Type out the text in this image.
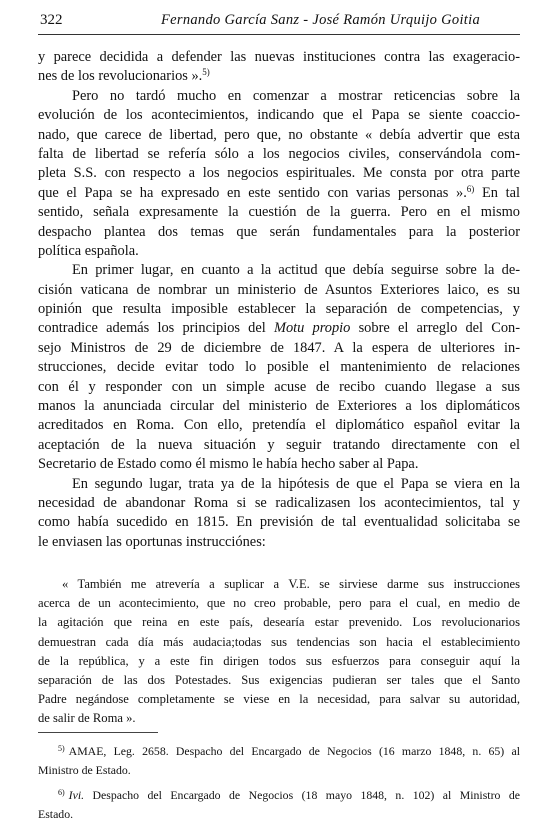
322	Fernando García Sanz - José Ramón Urquijo Goitia
y parece decidida a defender las nuevas instituciones contra las exageracio-
nes de los revolucionarios ».$^{5)}$
Pero no tardó mucho en comenzar a mostrar reticencias sobre la
evolución de los acontecimientos, indicando que el Papa se siente coaccio-
nado, que carece de libertad, pero que, no obstante « debía advertir que esta
falta de libertad se refería sólo a los negocios civiles, conservándola com-
pleta S.S. con respecto a los negocios espirituales. Me consta por otra parte
que el Papa se ha expresado en este sentido con varias personas ».$^{6)}$ En tal
sentido, señala expresamente la cuestión de la guerra. Pero en el mismo
despacho plantea dos temas que serán fundamentales para la posterior
política española.
En primer lugar, en cuanto a la actitud que debía seguirse sobre la de-
cisión vaticana de nombrar un ministerio de Asuntos Exteriores laico, es su
opinión que resulta imposible establecer la separación de competencias, y
contradice además los principios del Motu propio sobre el arreglo del Con-
sejo Ministros de 29 de diciembre de 1847. A la espera de ulteriores in-
strucciones, decide evitar todo lo posible el mantenimiento de relaciones
con él y responder con un simple acuse de recibo cuando llegase a sus
manos la anunciada circular del ministerio de Exteriores a los diplomáticos
acreditados en Roma. Con ello, pretendía el diplomático español evitar la
aceptación de la nueva situación y seguir tratando directamente con el
Secretario de Estado como él mismo le había hecho saber al Papa.
En segundo lugar, trata ya de la hipótesis de que el Papa se viera en la
necesidad de abandonar Roma si se radicalizasen los acontecimientos, tal y
como había sucedido en 1815. En previsión de tal eventualidad solicitaba se
le enviasen las oportunas instrucciónes:
« También me atrevería a suplicar a V.E. se sirviese darme sus instrucciones
acerca de un acontecimiento, que no creo probable, pero para el cual, en medio de
la agitación que reina en este país, desearía estar prevenido. Los revolucionarios
demuestran cada día más audacia;todas sus tendencias son hacia el establecimiento
de la república, y a este fin dirigen todos sus esfuerzos para conseguir aquí la
separación de las dos Potestades. Sus exigencias pudieran ser tales que el Santo
Padre negándose completamente se viese en la necesidad, para salvar su autoridad,
de salir de Roma ».
$^{5)}$ AMAE, Leg. 2658. Despacho del Encargado de Negocios (16 marzo 1848, n. 65) al
Ministro de Estado.
$^{6)}$ Ivi. Despacho del Encargado de Negocios (18 mayo 1848, n. 102) al Ministro de
Estado.
